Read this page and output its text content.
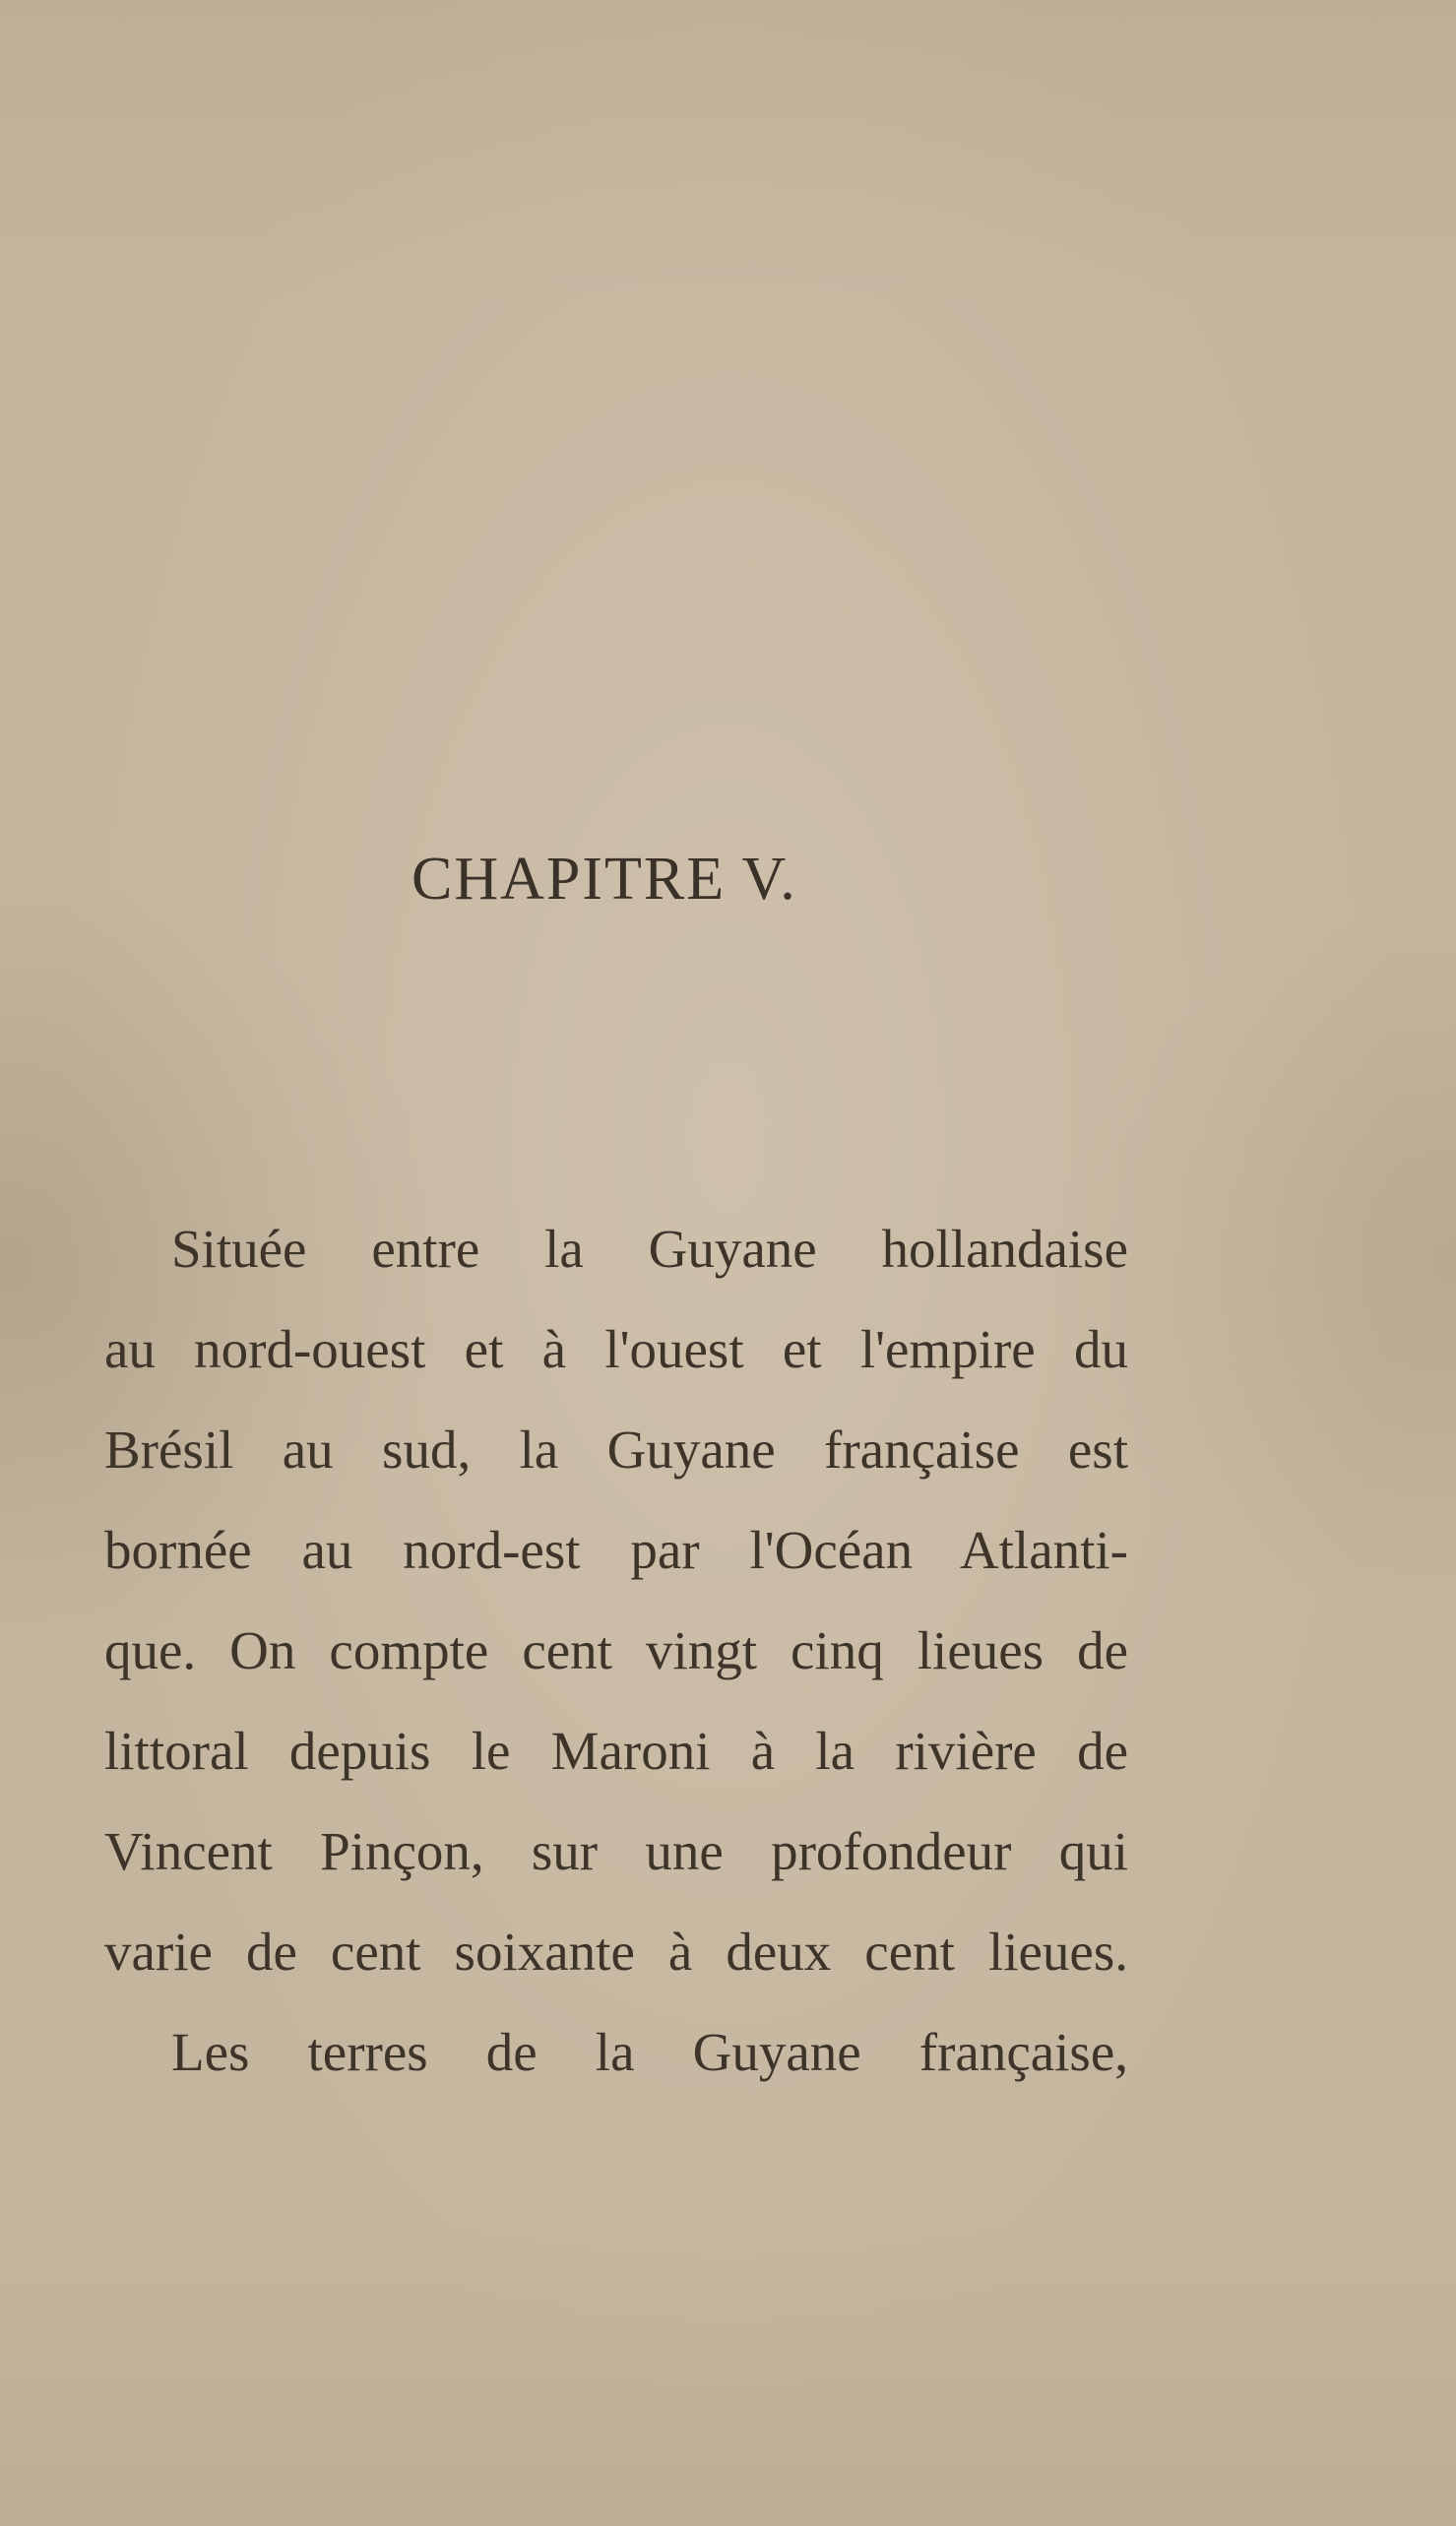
CHAPITRE V.
Située entre la Guyane hollandaise
au nord-ouest et à l'ouest et l'empire du
Brésil au sud, la Guyane française est
bornée au nord-est par l'Océan Atlanti-
que. On compte cent vingt cinq lieues de
littoral depuis le Maroni à la rivière de
Vincent Pinçon, sur une profondeur qui
varie de cent soixante à deux cent lieues.
Les terres de la Guyane française,
